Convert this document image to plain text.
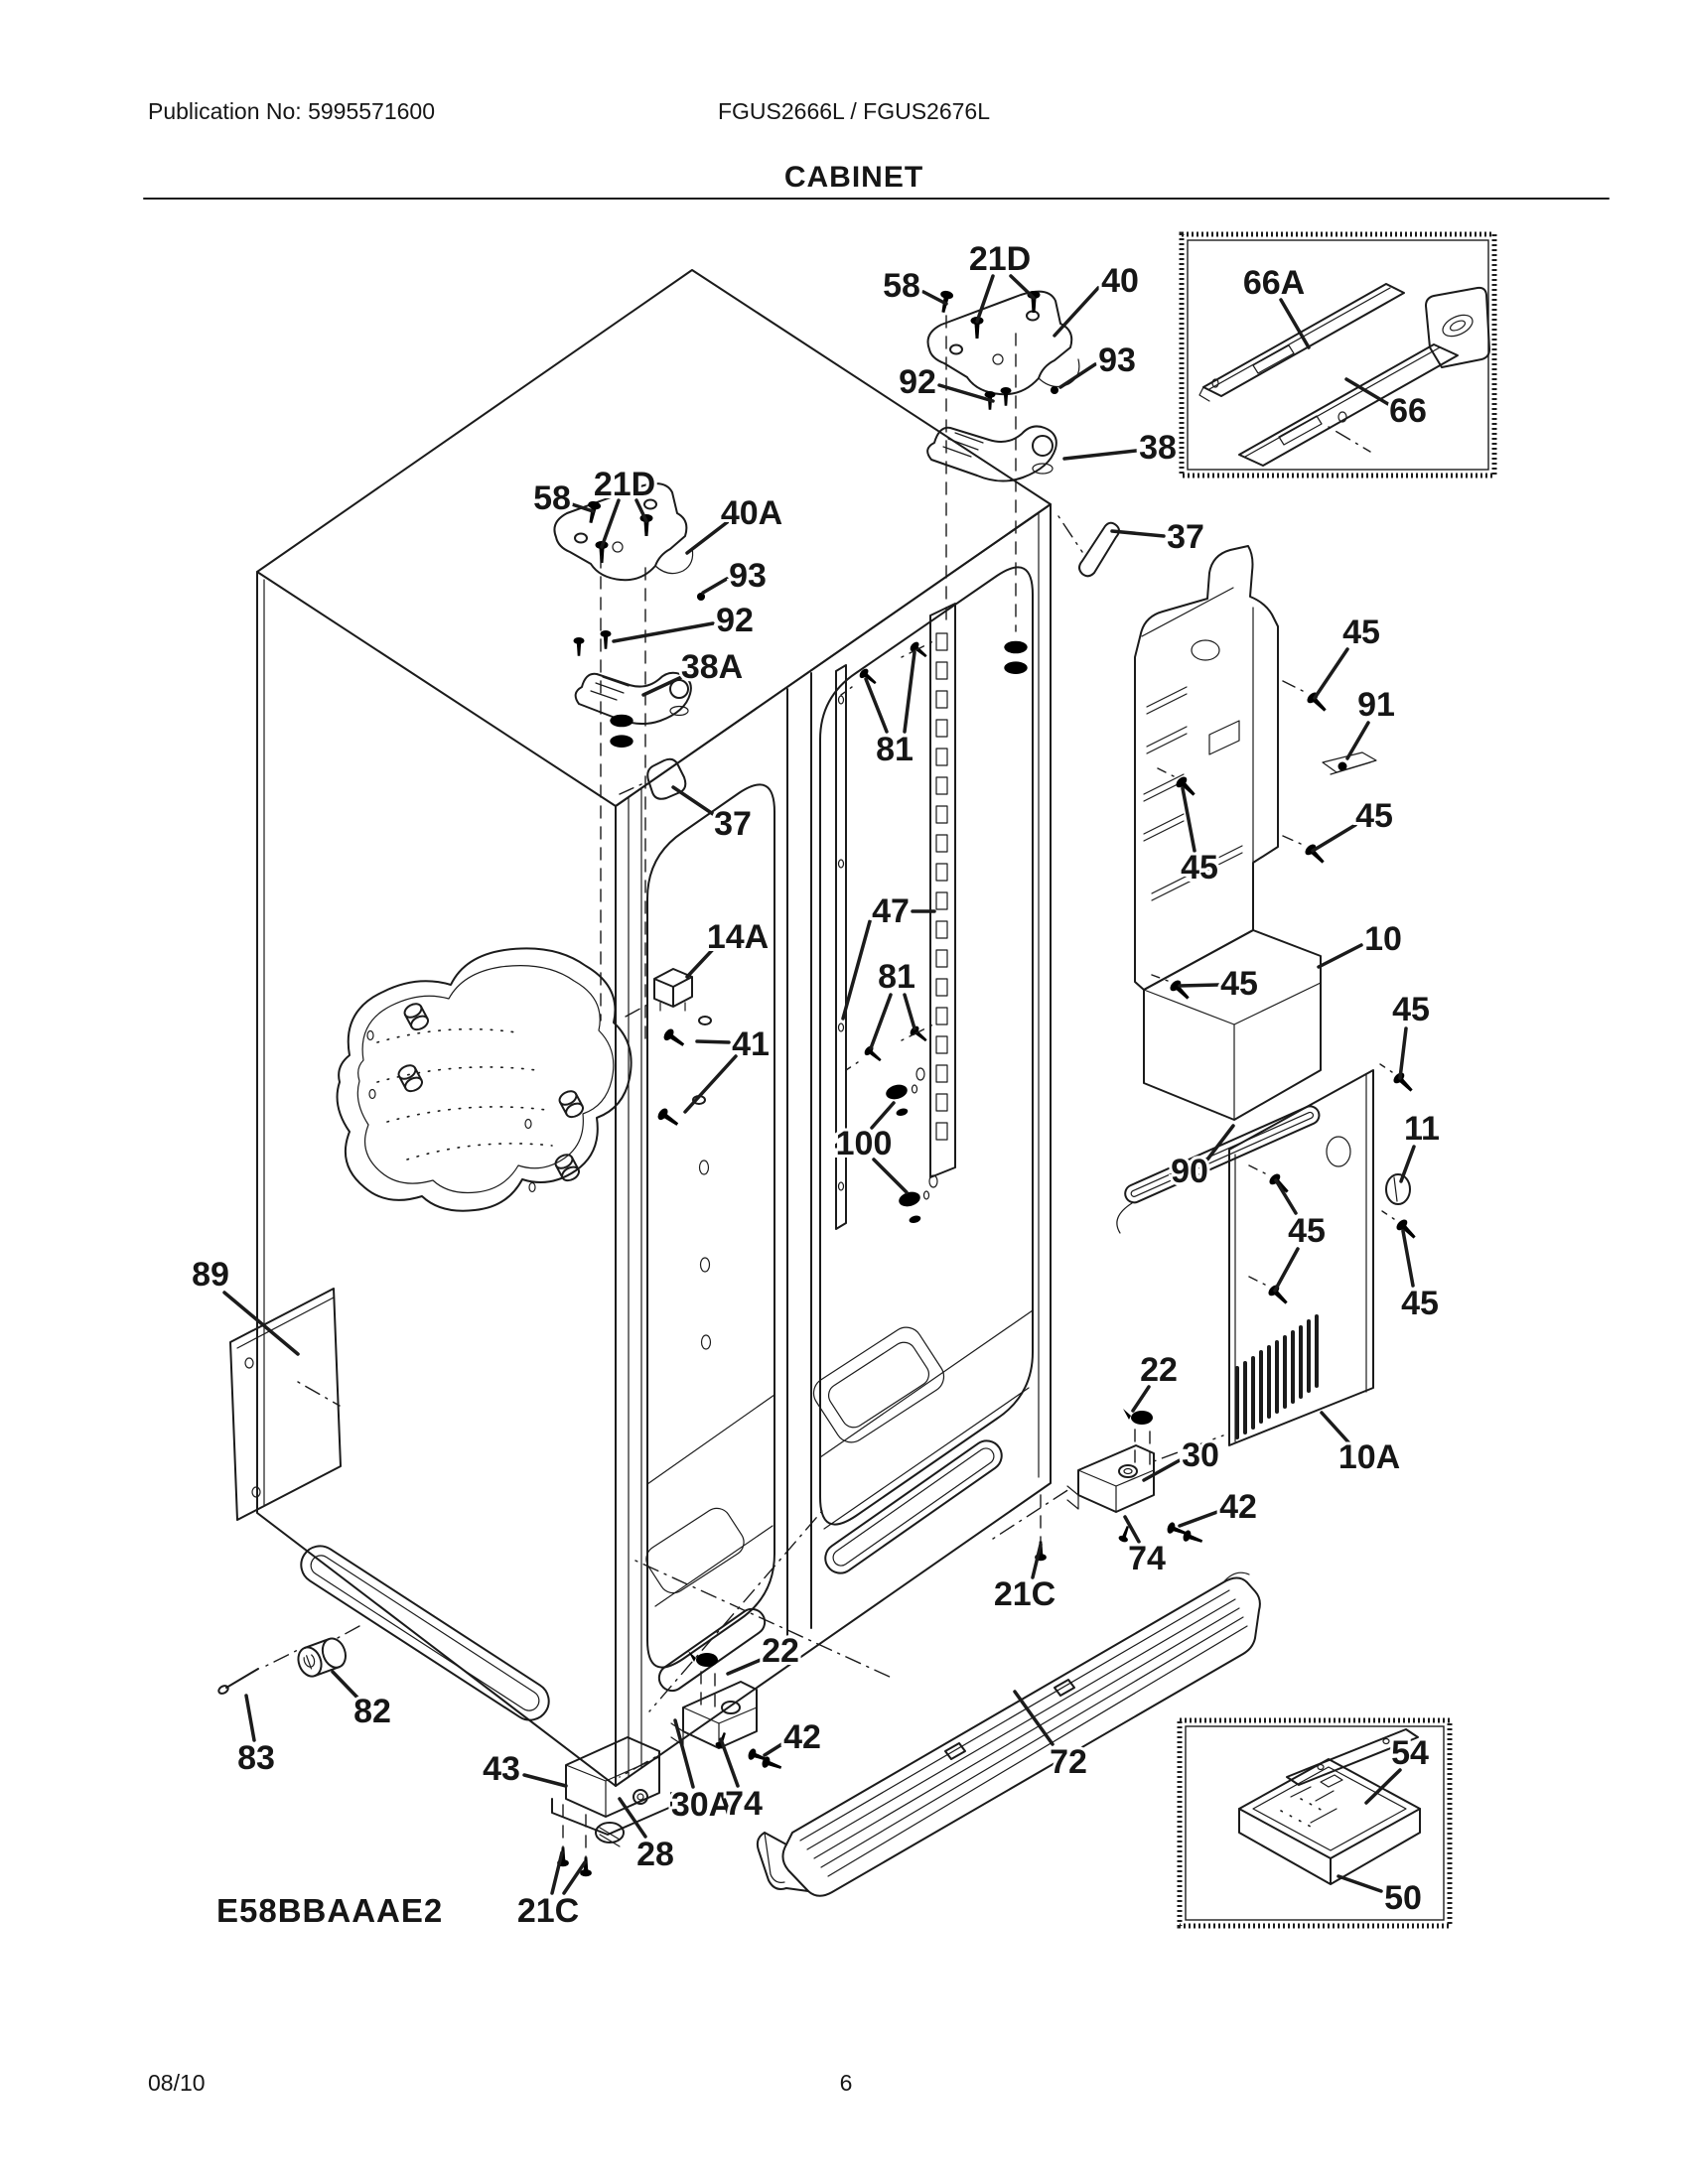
Publication No: 5995571600	FGUS2666L / FGUS2676L
CABINET
E58BBAAAE2
08/10	6
58
21D
40
93
92
38
37
66A
66
58 21D
40A
93
92
38A
37
81
47
81
14A
41
100
45
91
45
45
10
45
45
90
11
45
45
10A
22
30
42
74
21C
72
22
42
30A
74
28
21C
43
82
83
89
54
50
